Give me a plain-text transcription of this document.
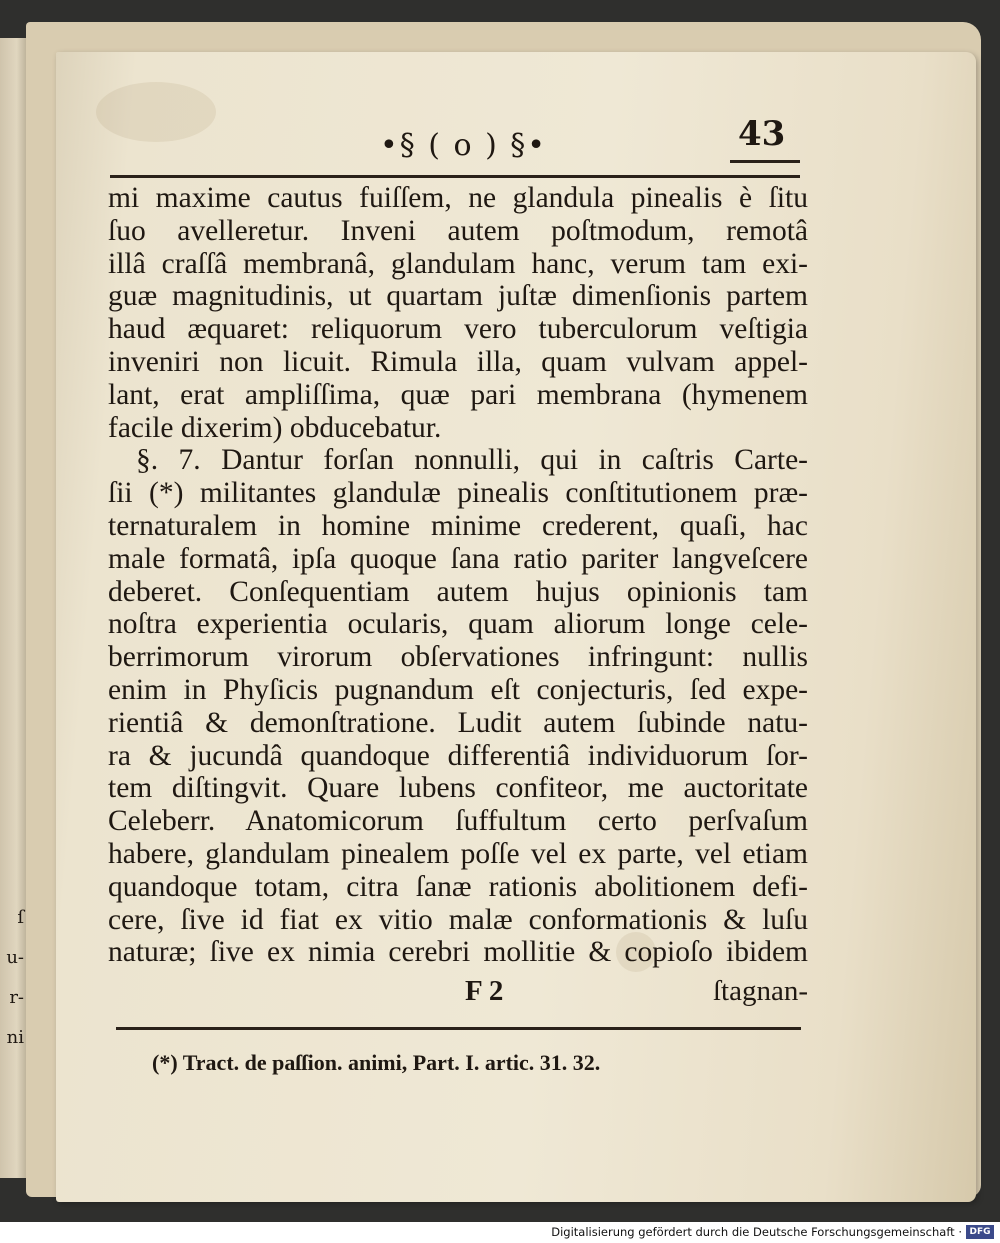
ſ
u-
r-
ni
•§ ( o ) §•	43
mi maxime cautus fuiſſem, ne glandula pinealis è ſitu
ſuo avelleretur. Inveni autem poſtmodum, remotâ
illâ craſſâ membranâ, glandulam hanc, verum tam exi-
guæ magnitudinis, ut quartam juſtæ dimenſionis partem
haud æquaret: reliquorum vero tuberculorum veſtigia
inveniri non licuit. Rimula illa, quam vulvam appel-
lant, erat ampliſſima, quæ pari membrana (hymenem
facile dixerim) obducebatur.
§. 7. Dantur forſan nonnulli, qui in caſtris Carte-
ſii (*) militantes glandulæ pinealis conſtitutionem præ-
ternaturalem in homine minime crederent, quaſi, hac
male formatâ, ipſa quoque ſana ratio pariter langveſcere
deberet. Conſequentiam autem hujus opinionis tam
noſtra experientia ocularis, quam aliorum longe cele-
berrimorum virorum obſervationes infringunt: nullis
enim in Phyſicis pugnandum eſt conjecturis, ſed expe-
rientiâ & demonſtratione. Ludit autem ſubinde natu-
ra & jucundâ quandoque differentiâ individuorum ſor-
tem diſtingvit. Quare lubens confiteor, me auctoritate
Celeberr. Anatomicorum ſuffultum certo perſvaſum
habere, glandulam pinealem poſſe vel ex parte, vel etiam
quandoque totam, citra ſanæ rationis abolitionem defi-
cere, ſive id fiat ex vitio malæ conformationis & luſu
naturæ; ſive ex nimia cerebri mollitie & copioſo ibidem
F 2	ſtagnan-
(*) Tract. de paſſion. animi, Part. I. artic. 31. 32.
Digitalisierung gefördert durch die Deutsche Forschungsgemeinschaft · DFG
